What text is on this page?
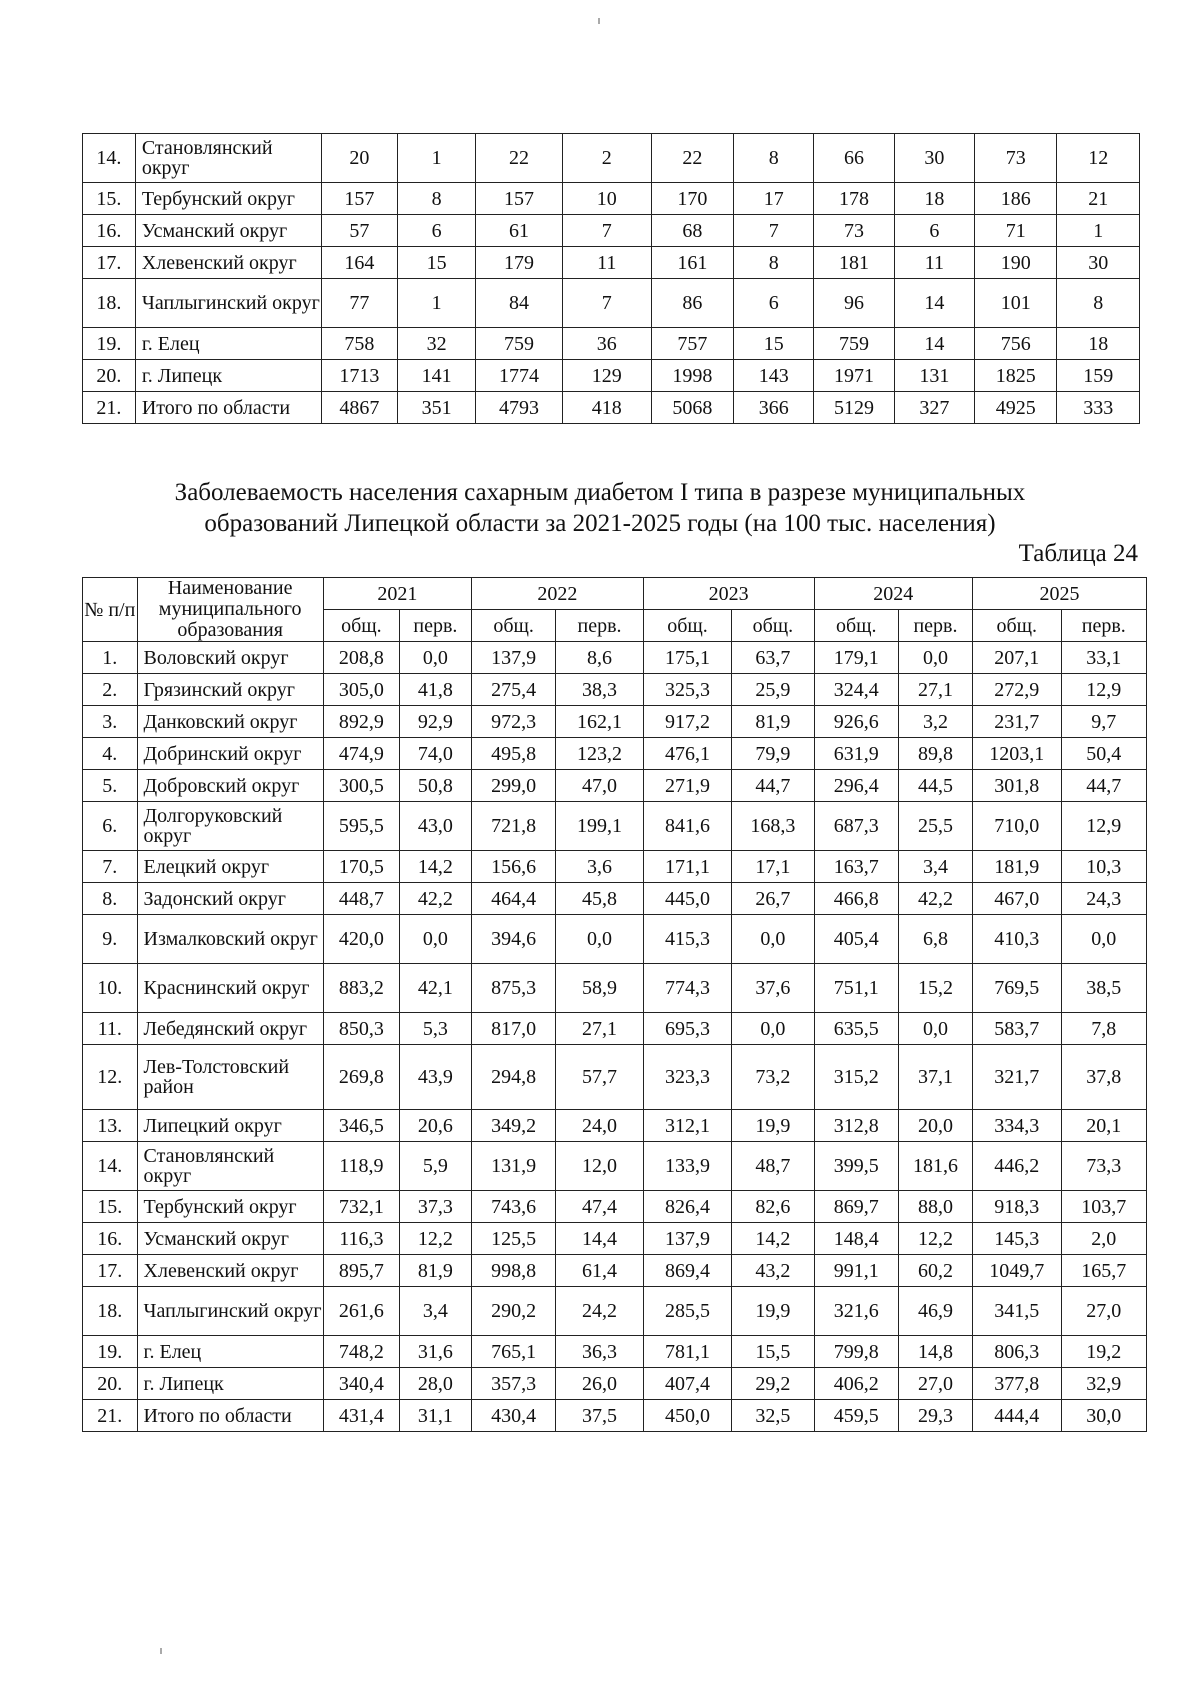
14.	Становлянский округ	20	1	22	2	22	8	66	30	73	12
15.	Тербунский округ	157	8	157	10	170	17	178	18	186	21
16.	Усманский округ	57	6	61	7	68	7	73	6	71	1
17.	Хлевенский округ	164	15	179	11	161	8	181	11	190	30
18.	Чаплыгинский округ	77	1	84	7	86	6	96	14	101	8
19.	г. Елец	758	32	759	36	757	15	759	14	756	18
20.	г. Липецк	1713	141	1774	129	1998	143	1971	131	1825	159
21.	Итого по области	4867	351	4793	418	5068	366	5129	327	4925	333
Заболеваемость населения сахарным диабетом I типа в разрезе муниципальных
образований Липецкой области за 2021-2025 годы (на 100 тыс. населения)
Таблица 24
№ п/п	Наименование муниципального образования	2021		2022		2023		2024		2025	
		общ.	перв.	общ.	перв.	общ.	общ.	общ.	перв.	общ.	перв.
1.	Воловский округ	208,8	0,0	137,9	8,6	175,1	63,7	179,1	0,0	207,1	33,1
2.	Грязинский округ	305,0	41,8	275,4	38,3	325,3	25,9	324,4	27,1	272,9	12,9
3.	Данковский округ	892,9	92,9	972,3	162,1	917,2	81,9	926,6	3,2	231,7	9,7
4.	Добринский округ	474,9	74,0	495,8	123,2	476,1	79,9	631,9	89,8	1203,1	50,4
5.	Добровский округ	300,5	50,8	299,0	47,0	271,9	44,7	296,4	44,5	301,8	44,7
6.	Долгоруковский округ	595,5	43,0	721,8	199,1	841,6	168,3	687,3	25,5	710,0	12,9
7.	Елецкий округ	170,5	14,2	156,6	3,6	171,1	17,1	163,7	3,4	181,9	10,3
8.	Задонский округ	448,7	42,2	464,4	45,8	445,0	26,7	466,8	42,2	467,0	24,3
9.	Измалковский округ	420,0	0,0	394,6	0,0	415,3	0,0	405,4	6,8	410,3	0,0
10.	Краснинский округ	883,2	42,1	875,3	58,9	774,3	37,6	751,1	15,2	769,5	38,5
11.	Лебедянский округ	850,3	5,3	817,0	27,1	695,3	0,0	635,5	0,0	583,7	7,8
12.	Лев-Толстовский район	269,8	43,9	294,8	57,7	323,3	73,2	315,2	37,1	321,7	37,8
13.	Липецкий округ	346,5	20,6	349,2	24,0	312,1	19,9	312,8	20,0	334,3	20,1
14.	Становлянский округ	118,9	5,9	131,9	12,0	133,9	48,7	399,5	181,6	446,2	73,3
15.	Тербунский округ	732,1	37,3	743,6	47,4	826,4	82,6	869,7	88,0	918,3	103,7
16.	Усманский округ	116,3	12,2	125,5	14,4	137,9	14,2	148,4	12,2	145,3	2,0
17.	Хлевенский округ	895,7	81,9	998,8	61,4	869,4	43,2	991,1	60,2	1049,7	165,7
18.	Чаплыгинский округ	261,6	3,4	290,2	24,2	285,5	19,9	321,6	46,9	341,5	27,0
19.	г. Елец	748,2	31,6	765,1	36,3	781,1	15,5	799,8	14,8	806,3	19,2
20.	г. Липецк	340,4	28,0	357,3	26,0	407,4	29,2	406,2	27,0	377,8	32,9
21.	Итого по области	431,4	31,1	430,4	37,5	450,0	32,5	459,5	29,3	444,4	30,0
